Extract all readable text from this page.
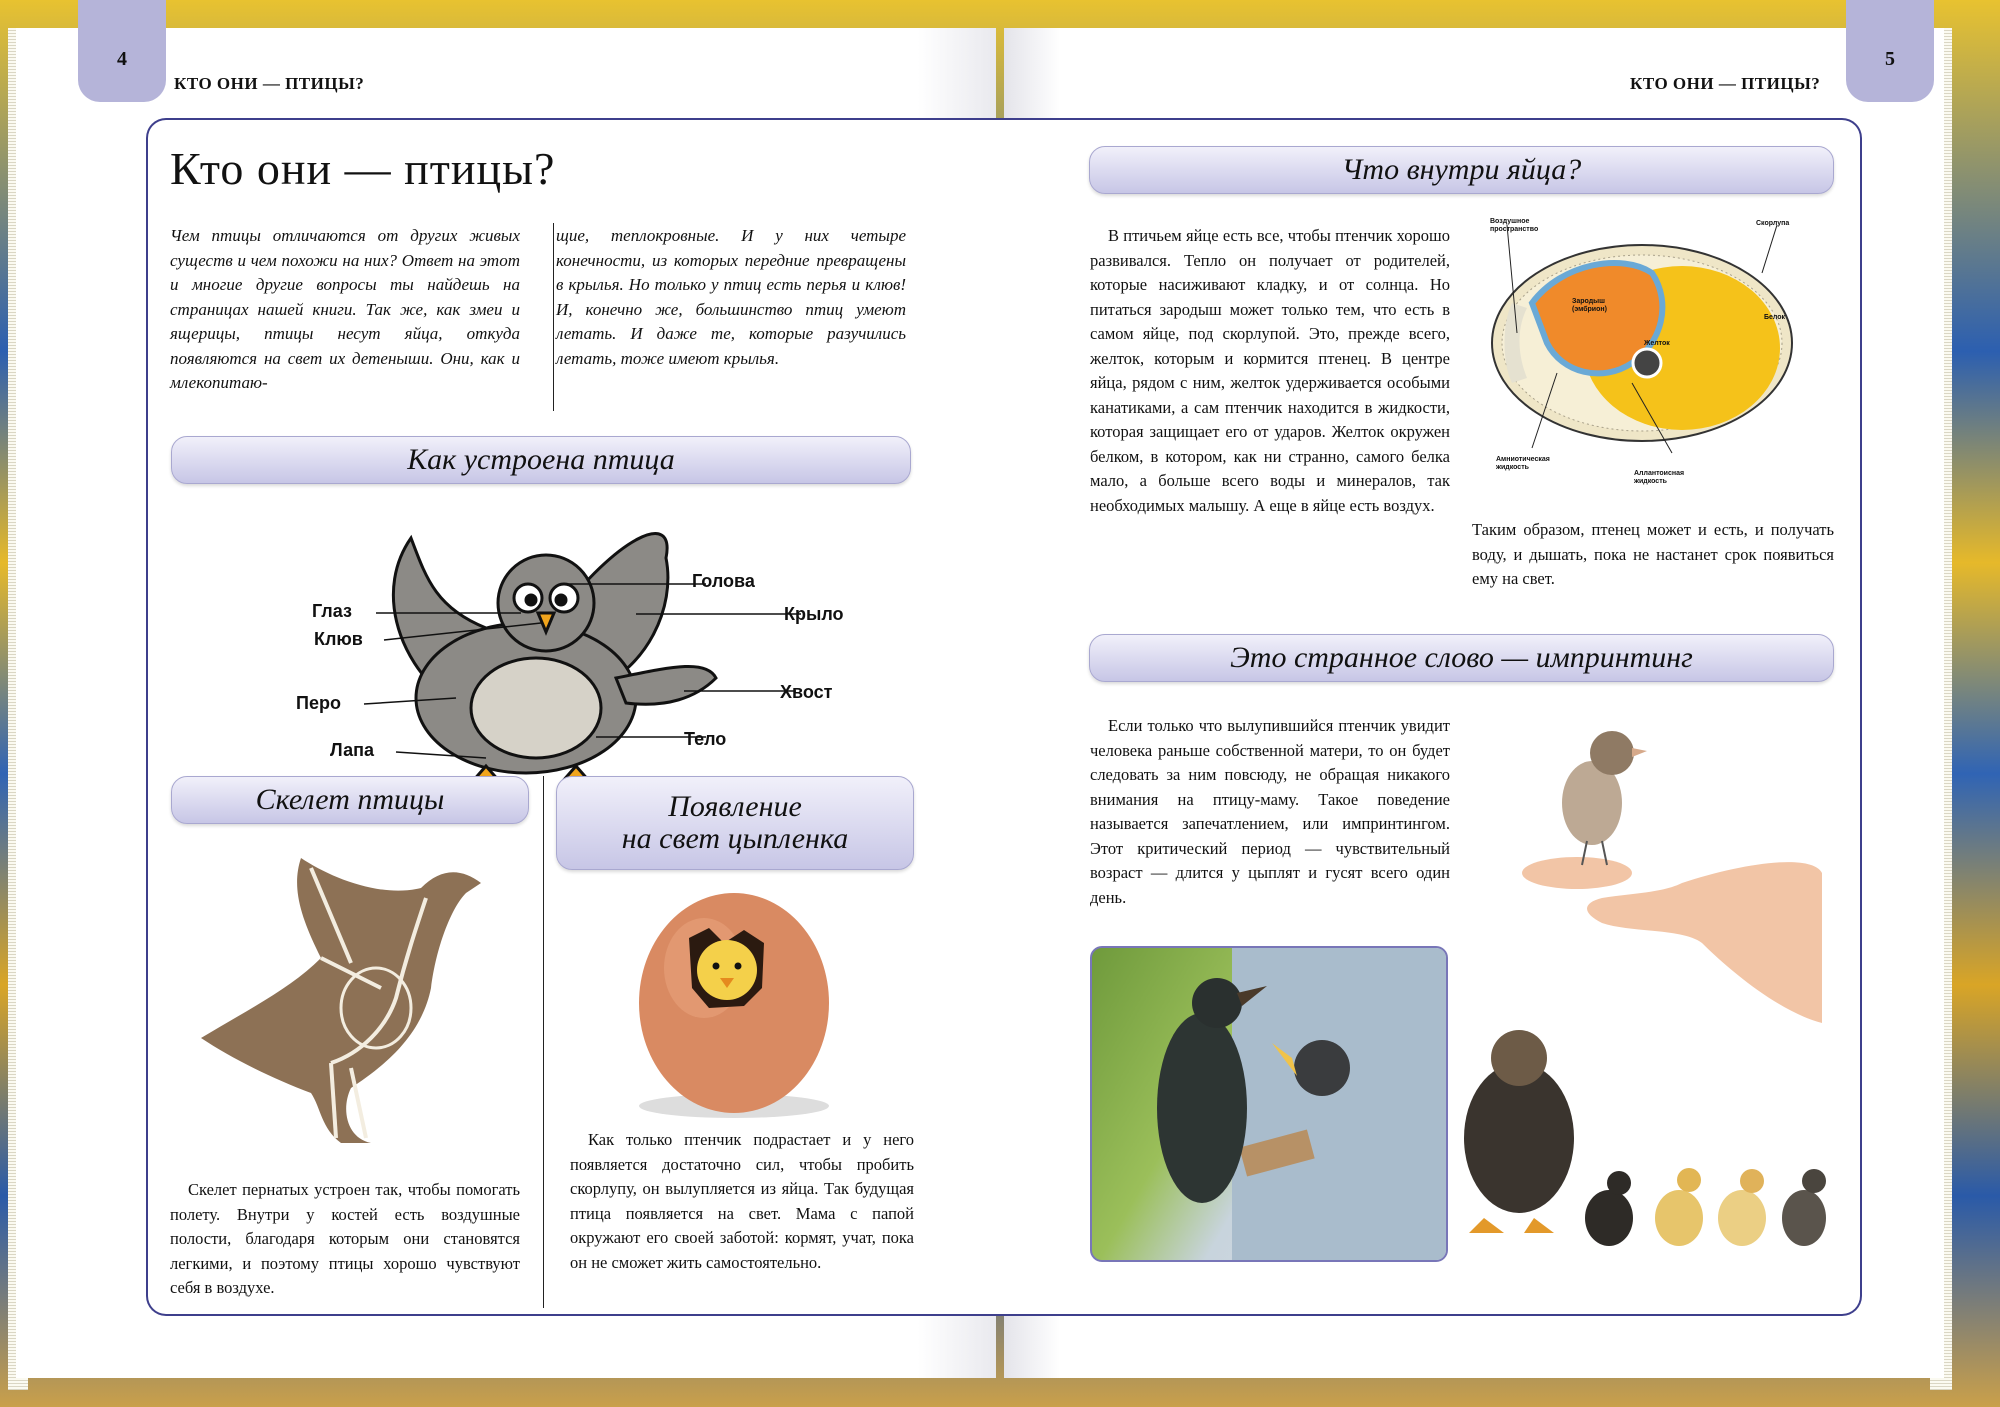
4
КТО ОНИ — ПТИЦЫ?
Кто они — птицы?
Чем птицы отличаются от других живых существ и чем похожи на них? Ответ на этот и многие другие вопросы ты найдешь на страницах нашей книги. Так же, как змеи и ящерицы, птицы несут яйца, откуда появляются на свет их детеныши. Они, как и млекопитаю-
щие, теплокровные. И у них четыре конечности, из которых передние превращены в крылья. Но только у птиц есть перья и клюв! И, конечно же, большинство птиц умеют летать. И даже те, которые разучились летать, тоже имеют крылья.
Как устроена птица
Голова
Глаз
Клюв
Крыло
Хвост
Перо
Тело
Лапа
Скелет птицы	Появление
на свет цыпленка
Скелет пернатых устроен так, чтобы помогать полету. Внутри у костей есть воздушные полости, благодаря которым они становятся легкими, и поэтому птицы хорошо чувствуют себя в воздухе.
Как только птенчик подрастает и у него появляется достаточно сил, чтобы пробить скорлупу, он вылупляется из яйца. Так будущая птица появляется на свет. Мама с папой окружают его своей заботой: кормят, учат, пока он не сможет жить самостоятельно.
КТО ОНИ — ПТИЦЫ?
5
Что внутри яйца?
В птичьем яйце есть все, чтобы птенчик хорошо развивался. Тепло он получает от родителей, которые насиживают кладку, и от солнца. Но питаться зародыш может только тем, что есть в самом яйце, под скорлупой. Это, прежде всего, желток, которым и кормится птенец. В центре яйца, рядом с ним, желток удерживается особыми канатиками, а сам птенчик находится в жидкости, которая защищает его от ударов. Желток окружен белком, в котором, как ни странно, самого белка мало, а больше всего воды и минералов, так необходимых малышу. А еще в яйце есть воздух.
Воздушное пространство
Скорлупа
Зародыш (эмбрион)
Желток
Белок
Амниотическая жидкость
Аллантоисная жидкость
Таким образом, птенец может и есть, и получать воду, и дышать, пока не настанет срок появиться ему на свет.
Это странное слово — импринтинг
Если только что вылупившийся птенчик увидит человека раньше собственной матери, то он будет следовать за ним повсюду, не обращая никакого внимания на птицу-маму. Такое поведение называется запечатлением, или импринтингом. Этот критический период — чувствительный возраст — длится у цыплят и гусят всего один день.
